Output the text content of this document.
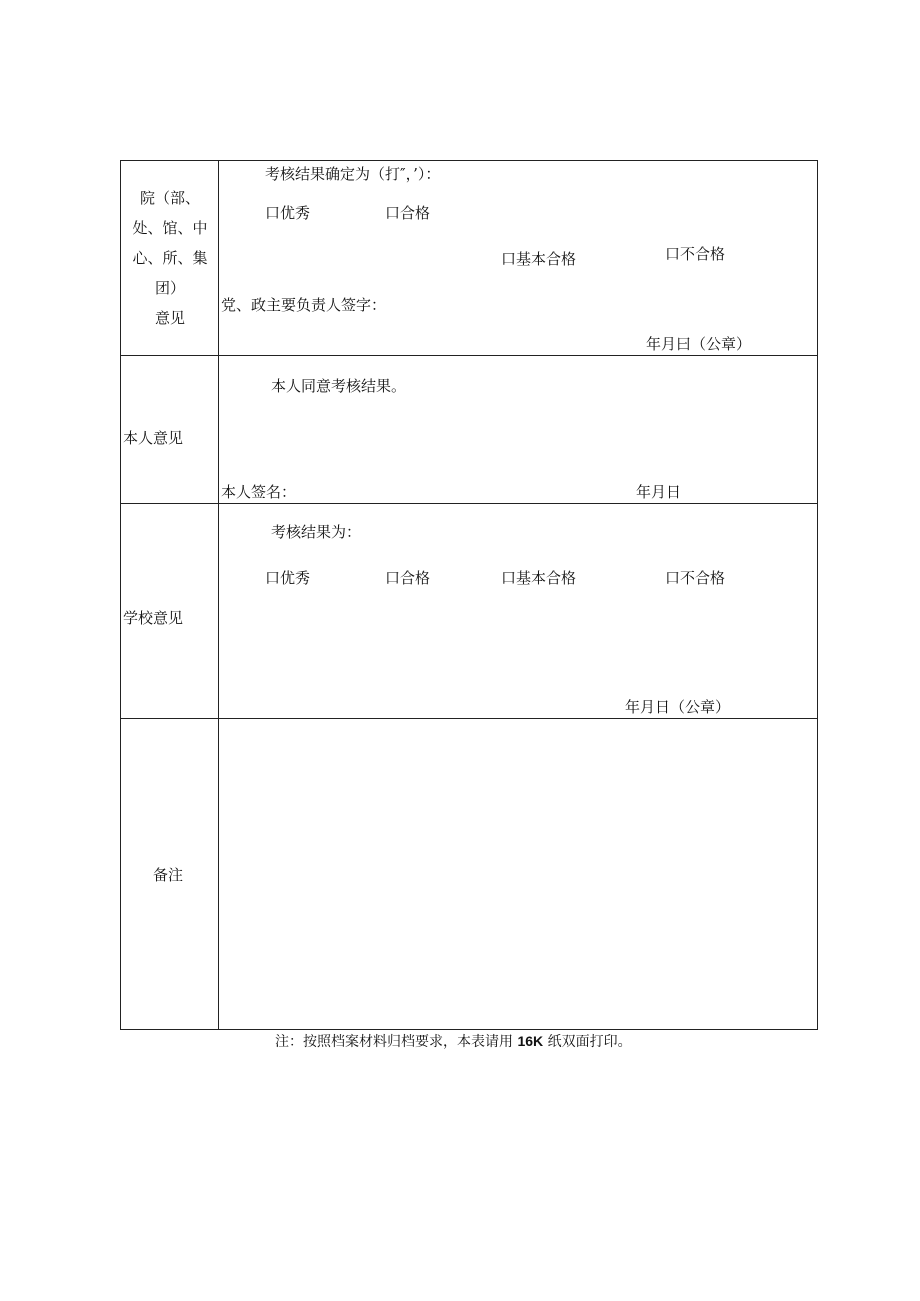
院（部、
处、馆、中
心、所、集
团）
意见
考核结果确定为（打″，’）：
口优秀	口合格
口基本合格	口不合格
党、政主要负责人签字：
年月曰（公章）
本人意见
本人同意考核结果。
本人签名：	年月日
学校意见
考核结果为：
口优秀	口合格	口基本合格	口不合格
年月日（公章）
备注
注：按照档案材料归档要求，本表请用 16K 纸双面打印。
